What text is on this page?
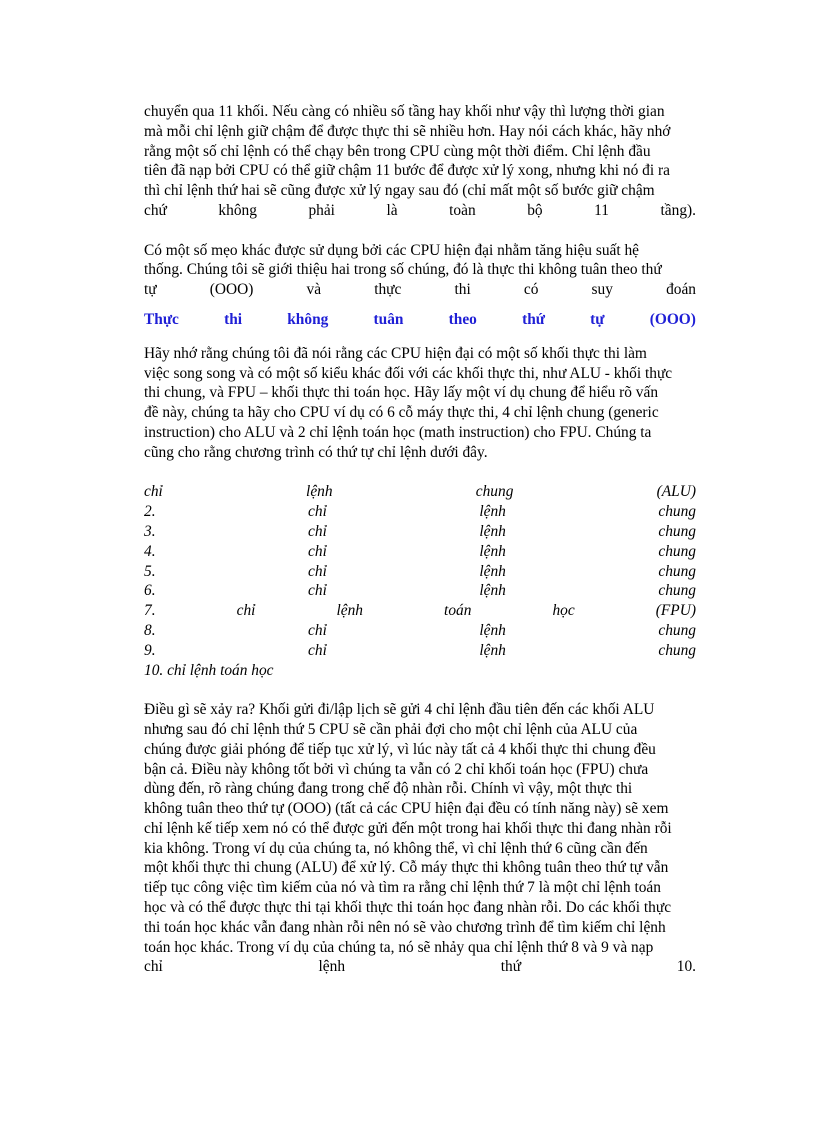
chuyển qua 11 khối. Nếu càng có nhiều số tầng hay khối như vậy thì lượng thời gian

mà mỗi chỉ lệnh giữ chậm để được thực thi sẽ nhiều hơn. Hay nói cách khác, hãy nhớ

rằng một số chỉ lệnh có thể chạy bên trong CPU cùng một thời điểm. Chỉ lệnh đầu

tiên đã nạp bởi CPU có thể giữ chậm 11 bước để được xử lý xong, nhưng khi nó đi ra

thì chỉ lệnh thứ hai sẽ cũng được xử lý ngay sau đó (chỉ mất một số bước giữ chậm

chứ	không	phải	là	toàn	bộ	11	tầng).

Có một số mẹo khác được sử dụng bởi các CPU hiện đại nhằm tăng hiệu suất hệ

thống. Chúng tôi sẽ giới thiệu hai trong số chúng, đó là thực thi không tuân theo thứ

tự	(OOO)	và	thực	thi	có	suy	đoán
Thực	thi	không	tuân	theo	thứ	tự	(OOO)

Hãy nhớ rằng chúng tôi đã nói rằng các CPU hiện đại có một số khối thực thi làm

việc song song và có một số kiểu khác đối với các khối thực thi, như ALU - khối thực

thi chung, và FPU – khối thực thi toán học. Hãy lấy một ví dụ chung để hiểu rõ vấn

đề này, chúng ta hãy cho CPU ví dụ có 6 cỗ máy thực thi, 4 chỉ lệnh chung (generic

instruction) cho ALU và 2 chỉ lệnh toán học (math instruction) cho FPU. Chúng ta

cũng cho rằng chương trình có thứ tự chỉ lệnh dưới đây.

chỉ	lệnh	chung	(ALU)
2.	chỉ	lệnh	chung
3.	chỉ	lệnh	chung
4.	chỉ	lệnh	chung
5.	chỉ	lệnh	chung
6.	chỉ	lệnh	chung
7.	chỉ	lệnh	toán	học	(FPU)
8.	chỉ	lệnh	chung
9.	chỉ	lệnh	chung
10. chỉ lệnh toán học

Điều gì sẽ xảy ra? Khối gửi đi/lập lịch sẽ gửi 4 chỉ lệnh đầu tiên đến các khối ALU

nhưng sau đó chỉ lệnh thứ 5 CPU sẽ cần phải đợi cho một chỉ lệnh của ALU của

chúng được giải phóng để tiếp tục xử lý, vì lúc này tất cả 4 khối thực thi chung đều

bận cả. Điều này không tốt bởi vì chúng ta vẫn có 2 chỉ khối toán học (FPU) chưa

dùng đến, rõ ràng chúng đang trong chế độ nhàn rỗi. Chính vì vậy, một thực thi

không tuân theo thứ tự (OOO) (tất cả các CPU hiện đại đều có tính năng này) sẽ xem

chỉ lệnh kế tiếp xem nó có thể được gửi đến một trong hai khối thực thi đang nhàn rỗi

kia không. Trong ví dụ của chúng ta, nó không thể, vì chỉ lệnh thứ 6 cũng cần đến

một khối thực thi chung (ALU) để xử lý. Cỗ máy thực thi không tuân theo thứ tự vẫn

tiếp tục công việc tìm kiếm của nó và tìm ra rằng chỉ lệnh thứ 7 là một chỉ lệnh toán

học và có thể được thực thi tại khối thực thi toán học đang nhàn rỗi. Do các khối thực

thi toán học khác vẫn đang nhàn rỗi nên nó sẽ vào chương trình để tìm kiếm chỉ lệnh

toán học khác. Trong ví dụ của chúng ta, nó sẽ nhảy qua chỉ lệnh thứ 8 và 9 và nạp

chỉ	lệnh	thứ	10.
